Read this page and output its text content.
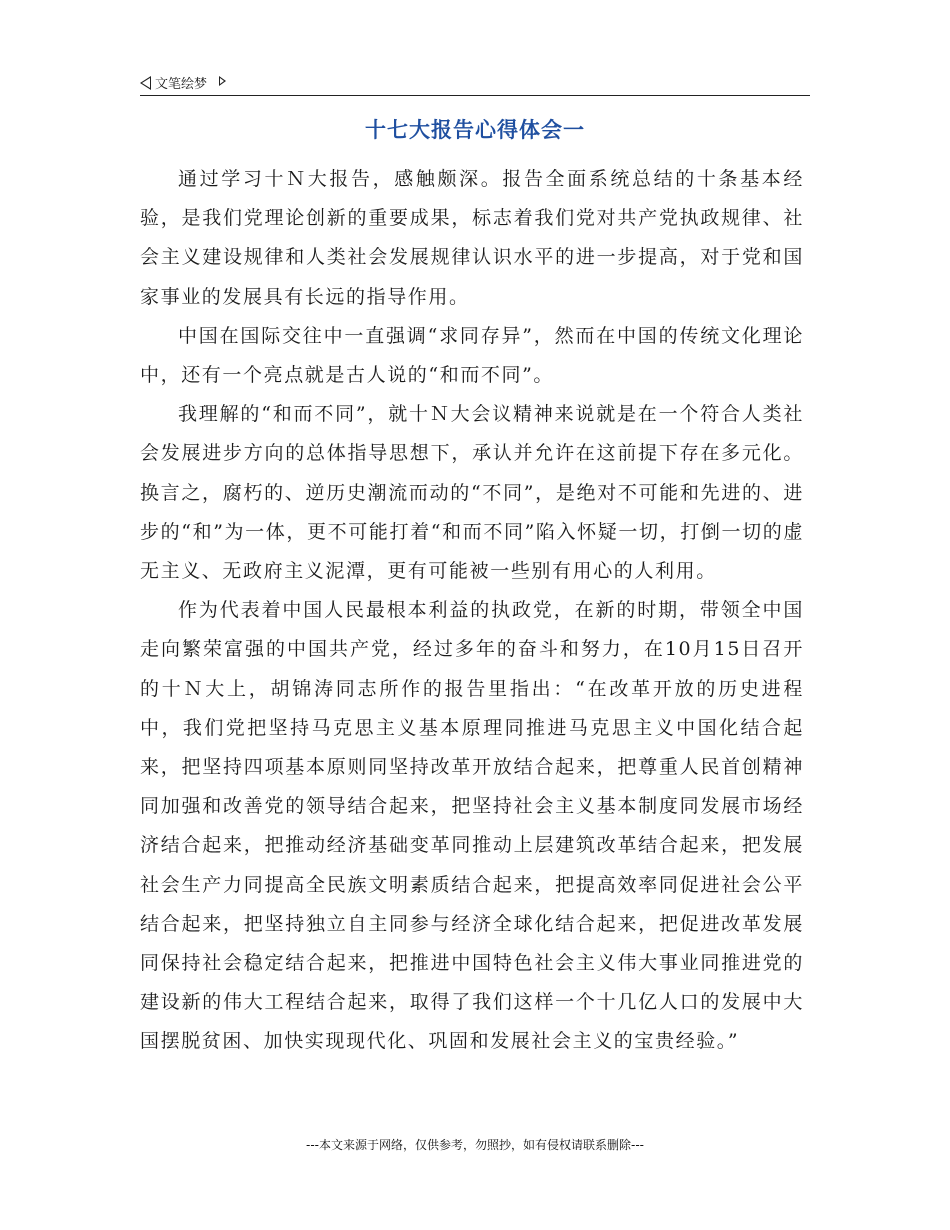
文笔绘梦
十七大报告心得体会一

通过学习十Ｎ大报告，感触颇深。报告全面系统总结的十条基本经验，是我们党理论创新的重要成果，标志着我们党对共产党执政规律、社会主义建设规律和人类社会发展规律认识水平的进一步提高，对于党和国家事业的发展具有长远的指导作用。

中国在国际交往中一直强调“求同存异”，然而在中国的传统文化理论中，还有一个亮点就是古人说的“和而不同”。

我理解的“和而不同”，就十Ｎ大会议精神来说就是在一个符合人类社会发展进步方向的总体指导思想下，承认并允许在这前提下存在多元化。换言之，腐朽的、逆历史潮流而动的“不同”，是绝对不可能和先进的、进步的“和”为一体，更不可能打着“和而不同”陷入怀疑一切，打倒一切的虚无主义、无政府主义泥潭，更有可能被一些别有用心的人利用。

作为代表着中国人民最根本利益的执政党，在新的时期，带领全中国走向繁荣富强的中国共产党，经过多年的奋斗和努力，在10月15日召开的十Ｎ大上，胡锦涛同志所作的报告里指出：“在改革开放的历史进程中，我们党把坚持马克思主义基本原理同推进马克思主义中国化结合起来，把坚持四项基本原则同坚持改革开放结合起来，把尊重人民首创精神同加强和改善党的领导结合起来，把坚持社会主义基本制度同发展市场经济结合起来，把推动经济基础变革同推动上层建筑改革结合起来，把发展社会生产力同提高全民族文明素质结合起来，把提高效率同促进社会公平结合起来，把坚持独立自主同参与经济全球化结合起来，把促进改革发展同保持社会稳定结合起来，把推进中国特色社会主义伟大事业同推进党的建设新的伟大工程结合起来，取得了我们这样一个十几亿人口的发展中大国摆脱贫困、加快实现现代化、巩固和发展社会主义的宝贵经验。”

---本文来源于网络，仅供参考，勿照抄，如有侵权请联系删除---
